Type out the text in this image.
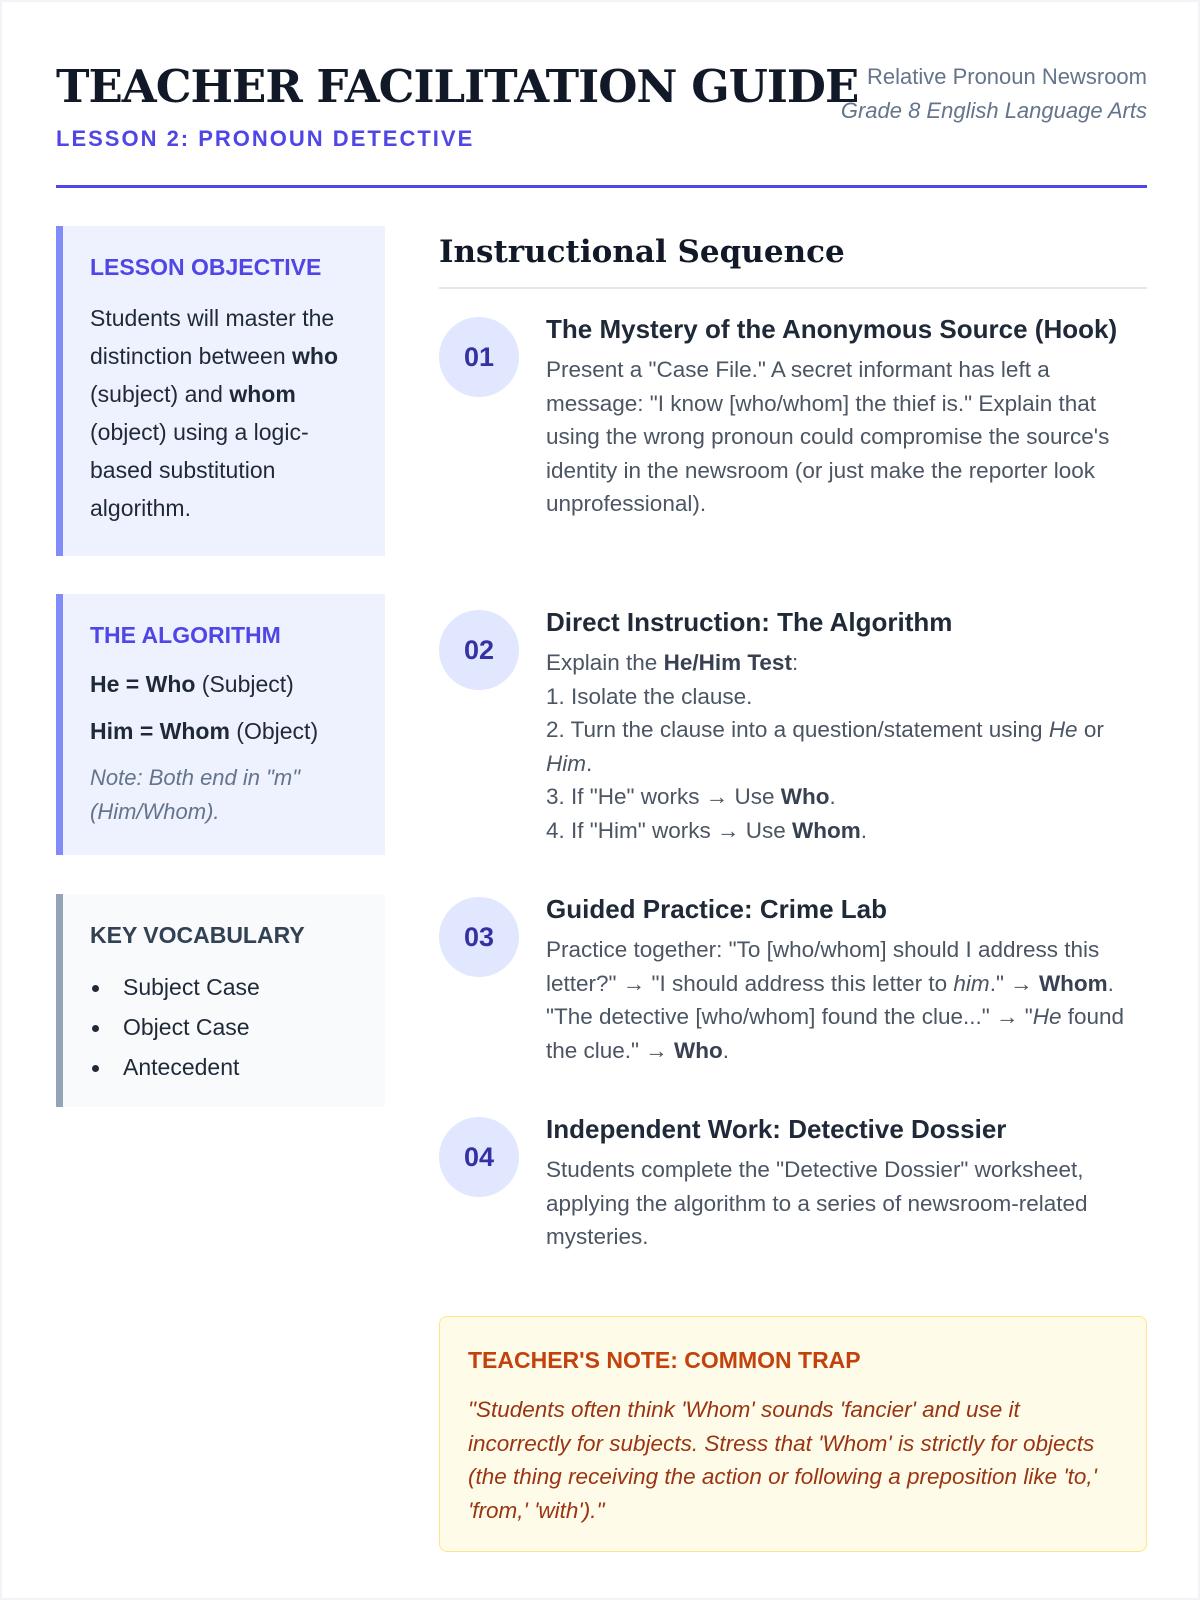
TEACHER FACILITATION GUIDE
LESSON 2: PRONOUN DETECTIVE
Relative Pronoun Newsroom
Grade 8 English Language Arts
LESSON OBJECTIVE

Students will master the distinction between who (subject) and whom (object) using a logic-based substitution algorithm.

THE ALGORITHM
He = Who (Subject)
Him = Whom (Object)
Note: Both end in "m" (Him/Whom).
KEY VOCABULARY
Subject Case
Object Case
Antecedent
Instructional Sequence
01
The Mystery of the Anonymous Source (Hook)

Present a "Case File." A secret informant has left a message: "I know [who/whom] the thief is." Explain that using the wrong pronoun could compromise the source's identity in the newsroom (or just make the reporter look unprofessional).

02
Direct Instruction: The Algorithm
Explain the He/Him Test:
1. Isolate the clause.
2. Turn the clause into a question/statement using He or Him.
3. If "He" works → Use Who.
4. If "Him" works → Use Whom.
03
Guided Practice: Crime Lab

Practice together: "To [who/whom] should I address this letter?" → "I should address this letter to him." → Whom. "The detective [who/whom] found the clue..." → "He found the clue." → Who.

04
Independent Work: Detective Dossier

Students complete the "Detective Dossier" worksheet, applying the algorithm to a series of newsroom-related mysteries.

TEACHER'S NOTE: COMMON TRAP

"Students often think 'Whom' sounds 'fancier' and use it incorrectly for subjects. Stress that 'Whom' is strictly for objects (the thing receiving the action or following a preposition like 'to,' 'from,' 'with')."
